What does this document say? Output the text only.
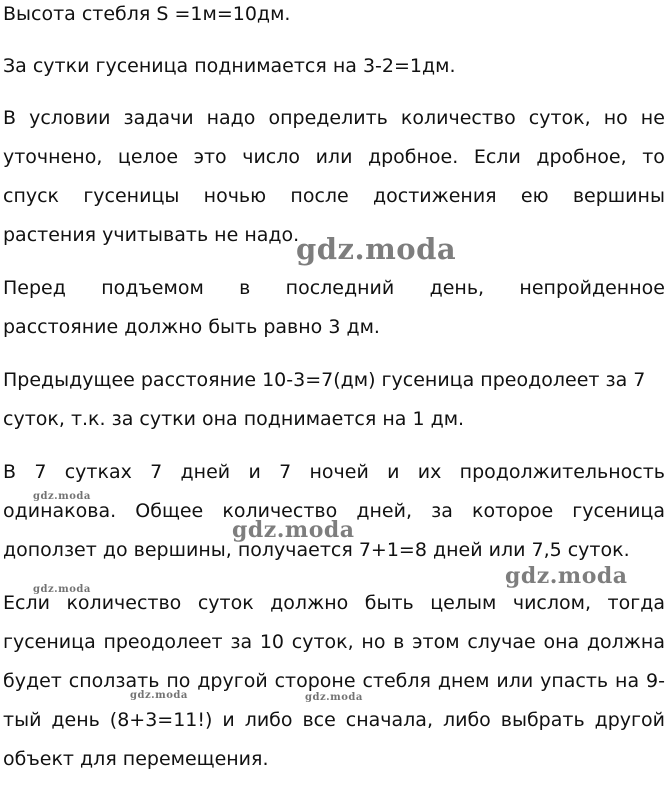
Высота стебля S =1м=10дм.

За сутки гусеница поднимается на 3-2=1дм.

В условии задачи надо определить количество суток, но не

уточнено, целое это число или дробное. Если дробное, то

спуск гусеницы ночью после достижения ею вершины

растения учитывать не надо.

Перед подъемом в последний день, непройденное

расстояние должно быть равно 3 дм.

Предыдущее расстояние 10-3=7(дм) гусеница преодолеет за 7

суток, т.к. за сутки она поднимается на 1 дм.

В 7 сутках 7 дней и 7 ночей и их продолжительность

одинакова. Общее количество дней, за которое гусеница

доползет до вершины, получается 7+1=8 дней или 7,5 суток.

Если количество суток должно быть целым числом, тогда

гусеница преодолеет за 10 суток, но в этом случае она должна

будет сползать по другой стороне стебля днем или упасть на 9-

тый день (8+3=11!) и либо все сначала, либо выбрать другой

объект для перемещения.

gdz.moda
gdz.moda
gdz.moda
gdz.moda
gdz.moda
gdz.moda	gdz.moda
